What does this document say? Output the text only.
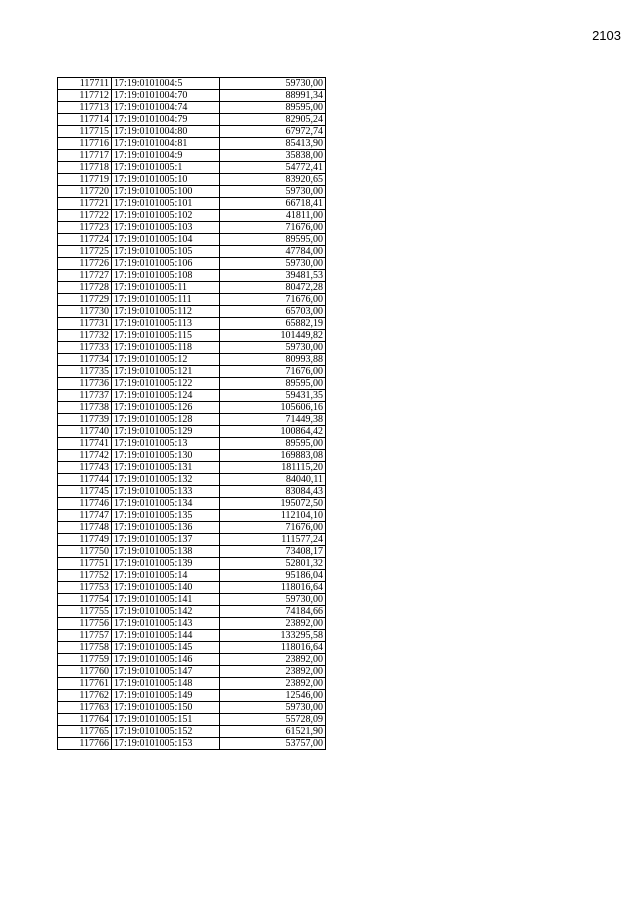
2103
117711	17:19:0101004:5	59730,00
117712	17:19:0101004:70	88991,34
117713	17:19:0101004:74	89595,00
117714	17:19:0101004:79	82905,24
117715	17:19:0101004:80	67972,74
117716	17:19:0101004:81	85413,90
117717	17:19:0101004:9	35838,00
117718	17:19:0101005:1	54772,41
117719	17:19:0101005:10	83920,65
117720	17:19:0101005:100	59730,00
117721	17:19:0101005:101	66718,41
117722	17:19:0101005:102	41811,00
117723	17:19:0101005:103	71676,00
117724	17:19:0101005:104	89595,00
117725	17:19:0101005:105	47784,00
117726	17:19:0101005:106	59730,00
117727	17:19:0101005:108	39481,53
117728	17:19:0101005:11	80472,28
117729	17:19:0101005:111	71676,00
117730	17:19:0101005:112	65703,00
117731	17:19:0101005:113	65882,19
117732	17:19:0101005:115	101449,82
117733	17:19:0101005:118	59730,00
117734	17:19:0101005:12	80993,88
117735	17:19:0101005:121	71676,00
117736	17:19:0101005:122	89595,00
117737	17:19:0101005:124	59431,35
117738	17:19:0101005:126	105606,16
117739	17:19:0101005:128	71449,38
117740	17:19:0101005:129	100864,42
117741	17:19:0101005:13	89595,00
117742	17:19:0101005:130	169883,08
117743	17:19:0101005:131	181115,20
117744	17:19:0101005:132	84040,11
117745	17:19:0101005:133	83084,43
117746	17:19:0101005:134	195072,50
117747	17:19:0101005:135	112104,10
117748	17:19:0101005:136	71676,00
117749	17:19:0101005:137	111577,24
117750	17:19:0101005:138	73408,17
117751	17:19:0101005:139	52801,32
117752	17:19:0101005:14	95186,04
117753	17:19:0101005:140	118016,64
117754	17:19:0101005:141	59730,00
117755	17:19:0101005:142	74184,66
117756	17:19:0101005:143	23892,00
117757	17:19:0101005:144	133295,58
117758	17:19:0101005:145	118016,64
117759	17:19:0101005:146	23892,00
117760	17:19:0101005:147	23892,00
117761	17:19:0101005:148	23892,00
117762	17:19:0101005:149	12546,00
117763	17:19:0101005:150	59730,00
117764	17:19:0101005:151	55728,09
117765	17:19:0101005:152	61521,90
117766	17:19:0101005:153	53757,00
